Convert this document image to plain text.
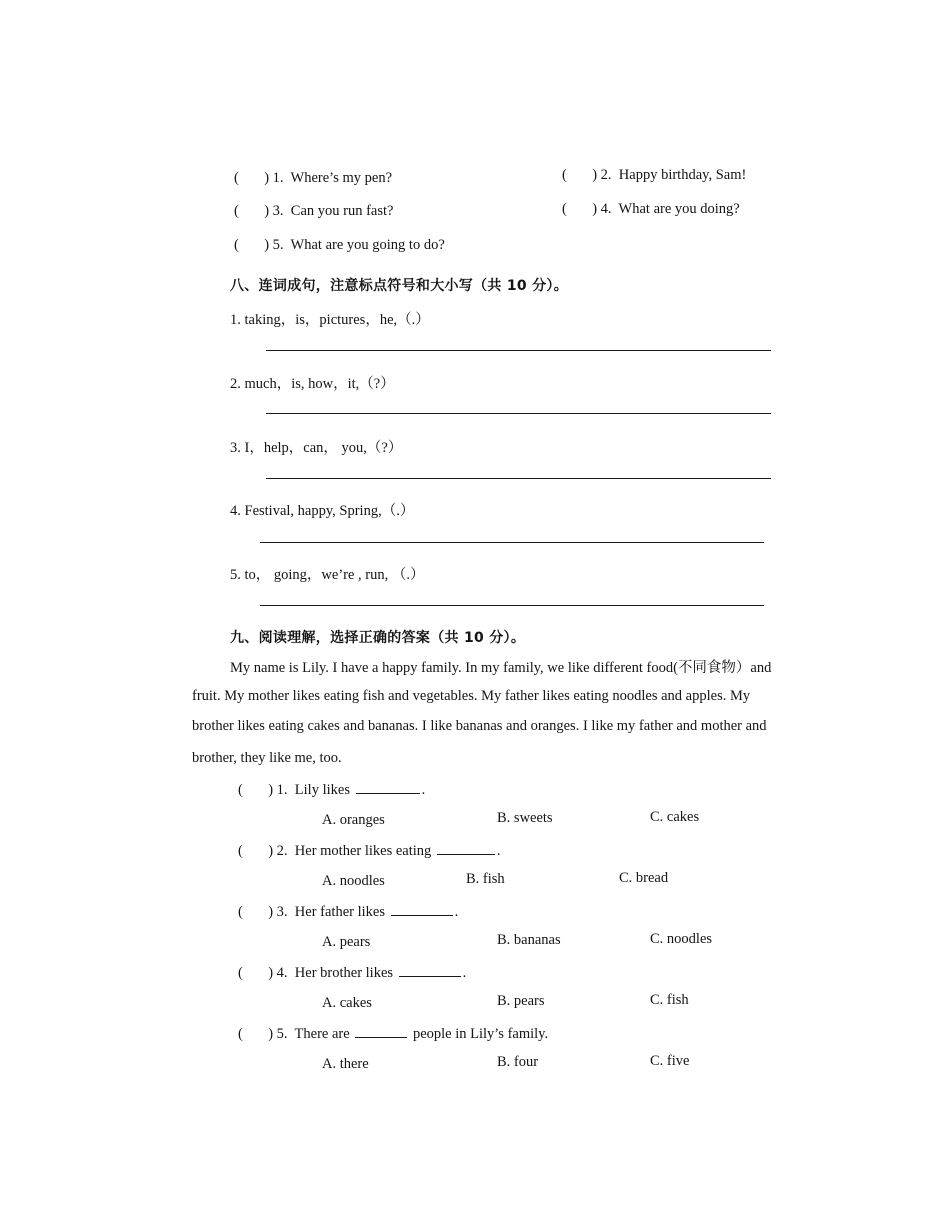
(       ) 1.  Where’s my pen?	(       ) 2.  Happy birthday, Sam!
(       ) 3.  Can you run fast?	(       ) 4.  What are you doing?
(       ) 5.  What are you going to do?
八、连词成句，注意标点符号和大小写（共 10 分）。
1. taking，is，pictures，he,（.）
2. much，is, how，it,（?）
3. I，help，can， you,（?）
4. Festival, happy, Spring,（.）
5. to， going，we’re , run, （.）
九、阅读理解，选择正确的答案（共 10 分）。
My name is Lily. I have a happy family. In my family, we like different food(不同食物）and
fruit. My mother likes eating fish and vegetables. My father likes eating noodles and apples. My
brother likes eating cakes and bananas. I like bananas and oranges. I like my father and mother and
brother, they like me, too.
(       ) 1.  Lily likes	.
A. oranges	B. sweets	C. cakes
(       ) 2.  Her mother likes eating	.
A. noodles	B. fish	C. bread
(       ) 3.  Her father likes	.
A. pears	B. bananas	C. noodles
(       ) 4.  Her brother likes	.
A. cakes	B. pears	C. fish
(       ) 5.  There are	people in Lily’s family.
A. there	B. four	C. five
